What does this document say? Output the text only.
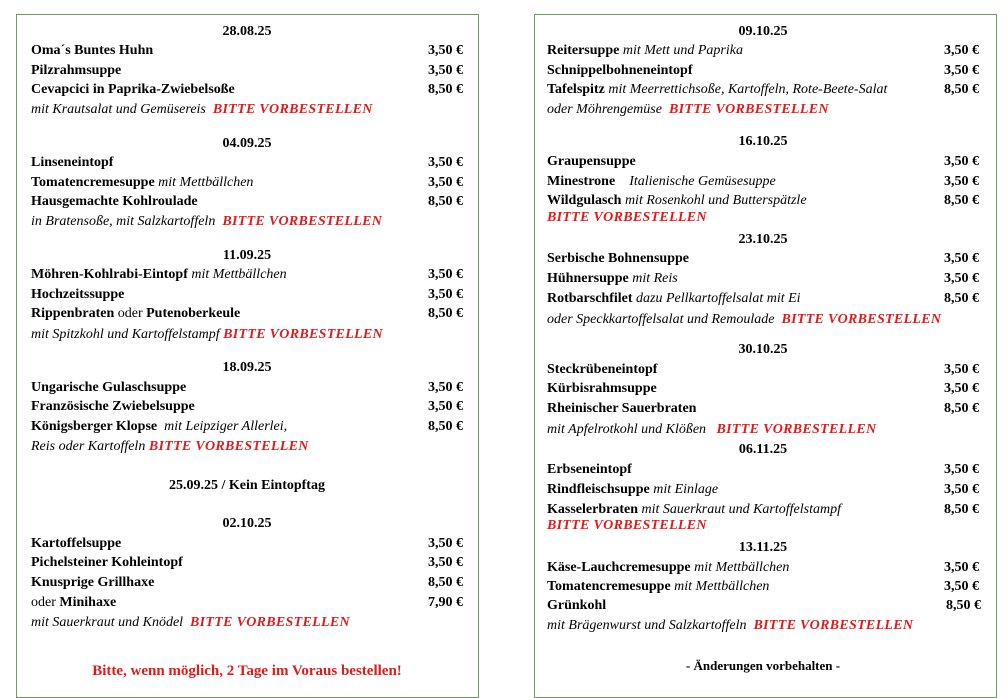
28.08.25
Oma´s Buntes Huhn	3,50 €
Pilzrahmsuppe	3,50 €
Cevapcici in Paprika-Zwiebelsoße	8,50 €
mit Krautsalat und Gemüsereis BITTE VORBESTELLEN
04.09.25
Linseneintopf	3,50 €
Tomatencremesuppe mit Mettbällchen	3,50 €
Hausgemachte Kohlroulade	8,50 €
in Bratensoße, mit Salzkartoffeln BITTE VORBESTELLEN
11.09.25
Möhren-Kohlrabi-Eintopf mit Mettbällchen	3,50 €
Hochzeitssuppe	3,50 €
Rippenbraten oder Putenoberkeule	8,50 €
mit Spitzkohl und Kartoffelstampf BITTE VORBESTELLEN
18.09.25
Ungarische Gulaschsuppe	3,50 €
Französische Zwiebelsuppe	3,50 €
Königsberger Klopse mit Leipziger Allerlei,	8,50 €
Reis oder Kartoffeln BITTE VORBESTELLEN
25.09.25 / Kein Eintopftag
02.10.25
Kartoffelsuppe	3,50 €
Pichelsteiner Kohleintopf	3,50 €
Knusprige Grillhaxe	8,50 €
oder Minihaxe	7,90 €
mit Sauerkraut und Knödel BITTE VORBESTELLEN
Bitte, wenn möglich, 2 Tage im Voraus bestellen!
09.10.25
Reitersuppe mit Mett und Paprika	3,50 €
Schnippelbohneneintopf	3,50 €
Tafelspitz mit Meerrettichsoße, Kartoffeln, Rote-Beete-Salat	8,50 €
oder Möhrengemüse BITTE VORBESTELLEN
16.10.25
Graupensuppe	3,50 €
Minestrone Italienische Gemüsesuppe	3,50 €
Wildgulasch mit Rosenkohl und Butterspätzle	8,50 €
BITTE VORBESTELLEN
23.10.25
Serbische Bohnensuppe	3,50 €
Hühnersuppe mit Reis	3,50 €
Rotbarschfilet dazu Pellkartoffelsalat mit Ei	8,50 €
oder Speckkartoffelsalat und Remoulade BITTE VORBESTELLEN
30.10.25
Steckrübeneintopf	3,50 €
Kürbisrahmsuppe	3,50 €
Rheinischer Sauerbraten	8,50 €
mit Apfelrotkohl und Klößen BITTE VORBESTELLEN
06.11.25
Erbseneintopf	3,50 €
Rindfleischsuppe mit Einlage	3,50 €
Kasselerbraten mit Sauerkraut und Kartoffelstampf	8,50 €
BITTE VORBESTELLEN
13.11.25
Käse-Lauchcremesuppe mit Mettbällchen	3,50 €
Tomatencremesuppe mit Mettbällchen	3,50 €
Grünkohl	8,50 €
mit Brägenwurst und Salzkartoffeln BITTE VORBESTELLEN
- Änderungen vorbehalten -
